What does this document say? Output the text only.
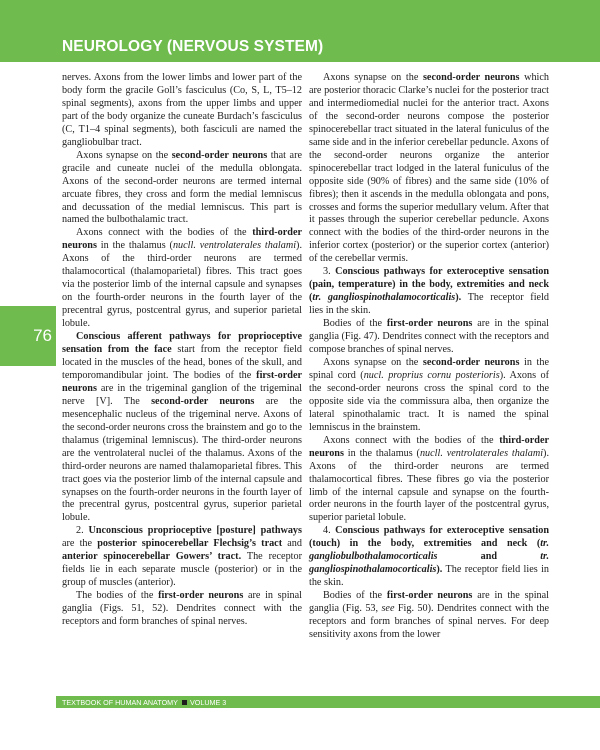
NEUROLOGY (NERVOUS SYSTEM)
76

nerves. Axons from the lower limbs and lower part of the body form the gracile Goll’s fasciculus (Co, S, L, T5–12 spinal segments), axons from the upper limbs and upper part of the body organize the cuneate Burdach’s fasciculus (C, T1–4 spinal segments), both fasciculi are named the gangliobulbar tract.

Axons synapse on the second-order neurons that are gracile and cuneate nuclei of the medulla oblongata. Axons of the second-order neurons are termed internal arcuate fibres, they cross and form the medial lemniscus and decussation of the medial lemniscus. This part is named the bulbothalamic tract.

Axons connect with the bodies of the third-order neurons in the thalamus (nucll. ventrolaterales thalami). Axons of the third-order neurons are termed thalamocortical (thalamoparietal) fibres. This tract goes via the posterior limb of the internal capsule and synapses on the fourth-order neurons in the fourth layer of the precentral gyrus, postcentral gyrus, and superior parietal lobule.

Conscious afferent pathways for proprioceptive sensation from the face start from the receptor field located in the muscles of the head, bones of the skull, and temporomandibular joint. The bodies of the first-order neurons are in the trigeminal ganglion of the trigeminal nerve [V]. The second-order neurons are the mesencephalic nucleus of the trigeminal nerve. Axons of the second-order neurons cross the brainstem and go to the thalamus (trigeminal lemniscus). The third-order neurons are the ventrolateral nuclei of the thalamus. Axons of the third-order neurons are named thalamoparietal fibres. This tract goes via the posterior limb of the internal capsule and synapses on the fourth-order neurons in the fourth layer of the precentral gyrus, postcentral gyrus, superior parietal lobule.

2. Unconscious proprioceptive [posture] pathways are the posterior spinocerebellar Flechsig’s tract and anterior spinocerebellar Gowers’ tract. The receptor fields lie in each separate muscle (posterior) or in the group of muscles (anterior).

The bodies of the first-order neurons are in spinal ganglia (Figs. 51, 52). Dendrites connect with the receptors and form branches of spinal nerves.

Axons synapse on the second-order neurons which are posterior thoracic Clarke’s nuclei for the posterior tract and intermediomedial nuclei for the anterior tract. Axons of the second-order neurons compose the posterior spinocerebellar tract situated in the lateral funiculus of the same side and in the inferior cerebellar peduncle. Axons of the second-order neurons organize the anterior spinocerebellar tract lodged in the lateral funiculus of the opposite side (90% of fibres) and the same side (10% of fibres); then it ascends in the medulla oblongata and pons, crosses and forms the superior medullary velum. After that it passes through the superior cerebellar peduncle. Axons connect with the bodies of the third-order neurons in the inferior cortex (posterior) or the superior cortex (anterior) of the cerebellar vermis.

3. Conscious pathways for exteroceptive sensation (pain, temperature) in the body, extremities and neck (tr. gangliospinothalamocorticalis). The receptor field lies in the skin.

Bodies of the first-order neurons are in the spinal ganglia (Fig. 47). Dendrites connect with the receptors and compose branches of spinal nerves.

Axons synapse on the second-order neurons in the spinal cord (nucl. proprius cornu posterioris). Axons of the second-order neurons cross the spinal cord to the opposite side via the commissura alba, then organize the lateral spinothalamic tract. It is named the spinal lemniscus in the brainstem.

Axons connect with the bodies of the third-order neurons in the thalamus (nucll. ventrolaterales thalami). Axons of the third-order neurons are termed thalamocortical fibres. These fibres go via the posterior limb of the internal capsule and synapse on the fourth-order neurons in the fourth layer of the postcentral gyrus, superior parietal lobule.

4. Conscious pathways for exteroceptive sensation (touch) in the body, extremities and neck (tr. gangliobulbothalamocorticalis and tr. gangliospinothalamocorticalis). The receptor field lies in the skin.

Bodies of the first-order neurons are in the spinal ganglia (Fig. 53, see Fig. 50). Dendrites connect with the receptors and form branches of spinal nerves. For deep sensitivity axons from the lower

TEXTBOOK OF HUMAN ANATOMY VOLUME 3
